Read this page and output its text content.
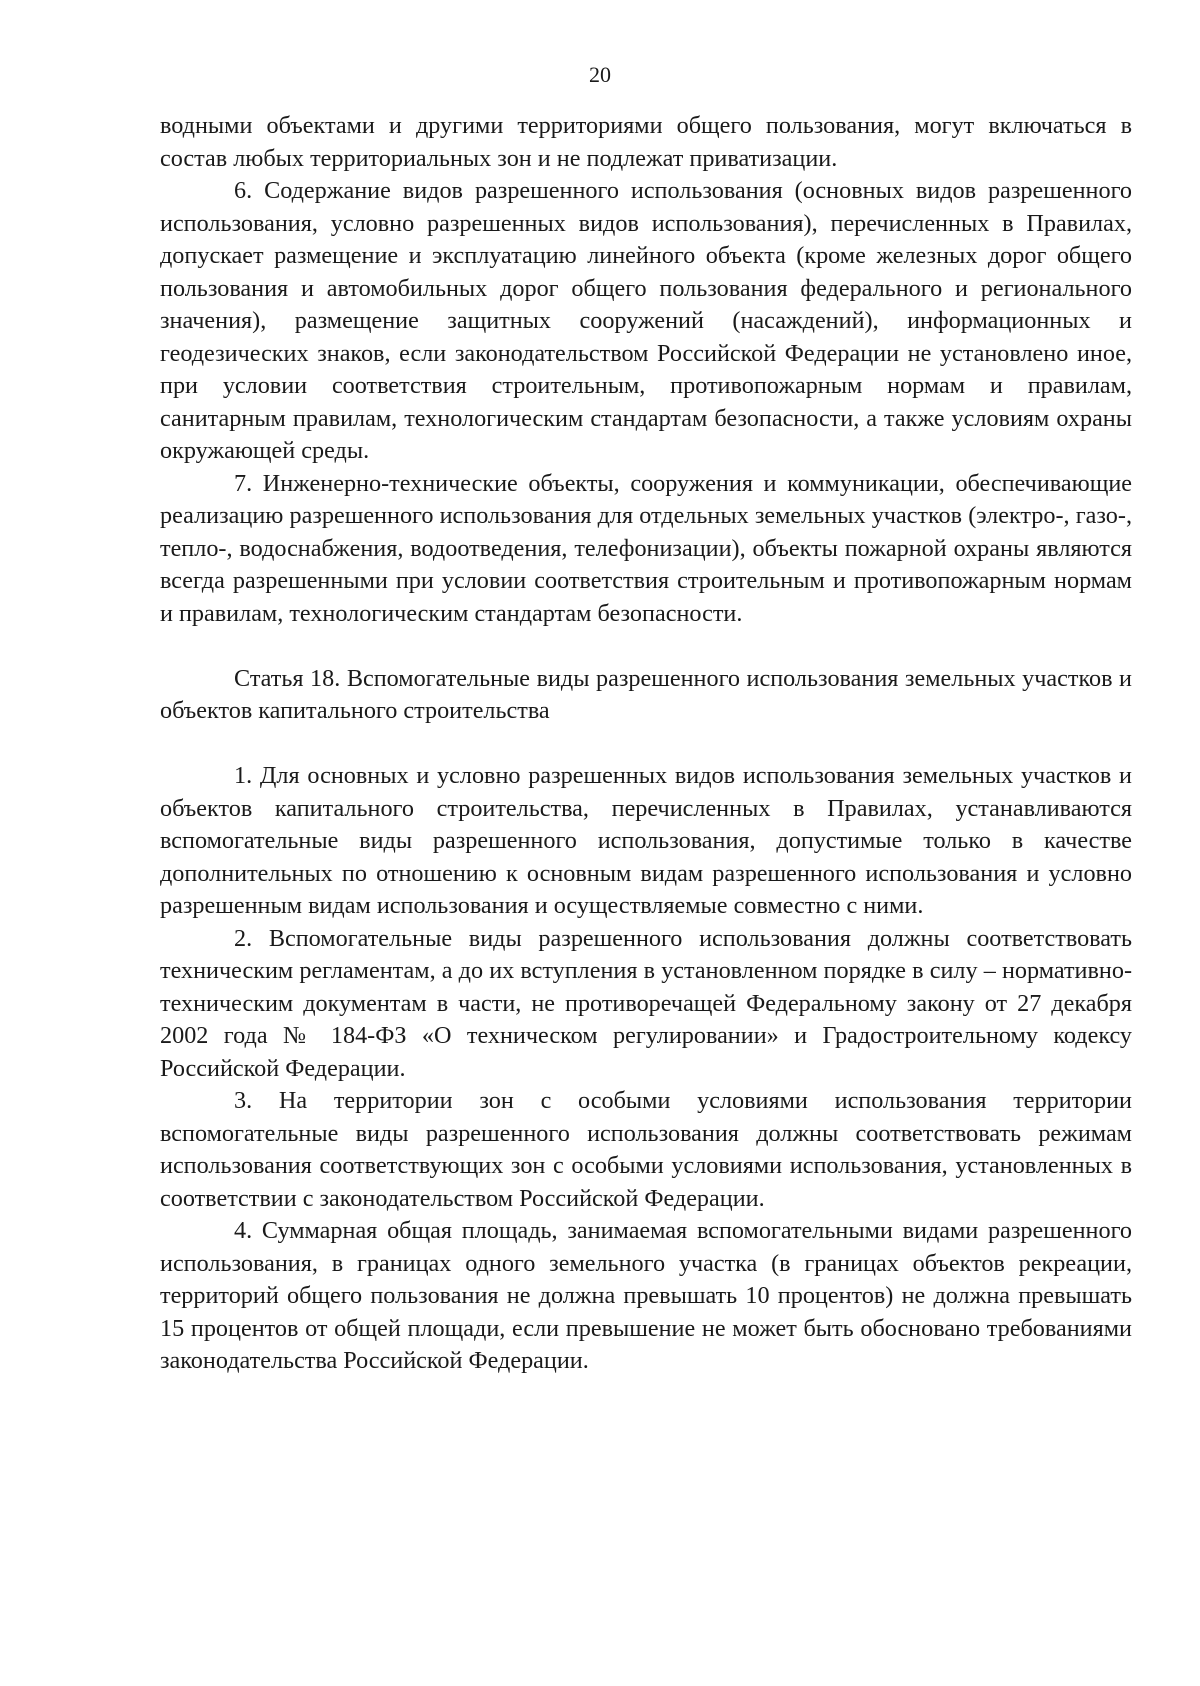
20

водными объектами и другими территориями общего пользования, могут включаться в состав любых территориальных зон и не подлежат приватизации.

6. Содержание видов разрешенного использования (основных видов разрешенного использования, условно разрешенных видов использования), перечисленных в Правилах, допускает размещение и эксплуатацию линейного объекта (кроме железных дорог общего пользования и автомобильных дорог общего пользования федерального и регионального значения), размещение защитных сооружений (насаждений), информационных и геодезических знаков, если законодательством Российской Федерации не установлено иное, при условии соответствия строительным, противопожарным нормам и правилам, санитарным правилам, технологическим стандартам безопасности, а также условиям охраны окружающей среды.

7. Инженерно-технические объекты, сооружения и коммуникации, обеспечивающие реализацию разрешенного использования для отдельных земельных участков (электро-, газо-, тепло-, водоснабжения, водоотведения, телефонизации), объекты пожарной охраны являются всегда разрешенными при условии соответствия строительным и противопожарным нормам и правилам, технологическим стандартам безопасности.

Статья 18. Вспомогательные виды разрешенного использования земельных участков и объектов капитального строительства

1. Для основных и условно разрешенных видов использования земельных участков и объектов капитального строительства, перечисленных в Правилах, устанавливаются вспомогательные виды разрешенного использования, допустимые только в качестве дополнительных по отношению к основным видам разрешенного использования и условно разрешенным видам использования и осуществляемые совместно с ними.

2. Вспомогательные виды разрешенного использования должны соответствовать техническим регламентам, а до их вступления в установленном порядке в силу – нормативно-техническим документам в части, не противоречащей Федеральному закону от 27 декабря 2002 года № 184-ФЗ «О техническом регулировании» и Градостроительному кодексу Российской Федерации.

3. На территории зон с особыми условиями использования территории вспомогательные виды разрешенного использования должны соответствовать режимам использования соответствующих зон с особыми условиями использования, установленных в соответствии с законодательством Российской Федерации.

4. Суммарная общая площадь, занимаемая вспомогательными видами разрешенного использования, в границах одного земельного участка (в границах объектов рекреации, территорий общего пользования не должна превышать 10 процентов) не должна превышать 15 процентов от общей площади, если превышение не может быть обосновано требованиями законодательства Российской Федерации.
